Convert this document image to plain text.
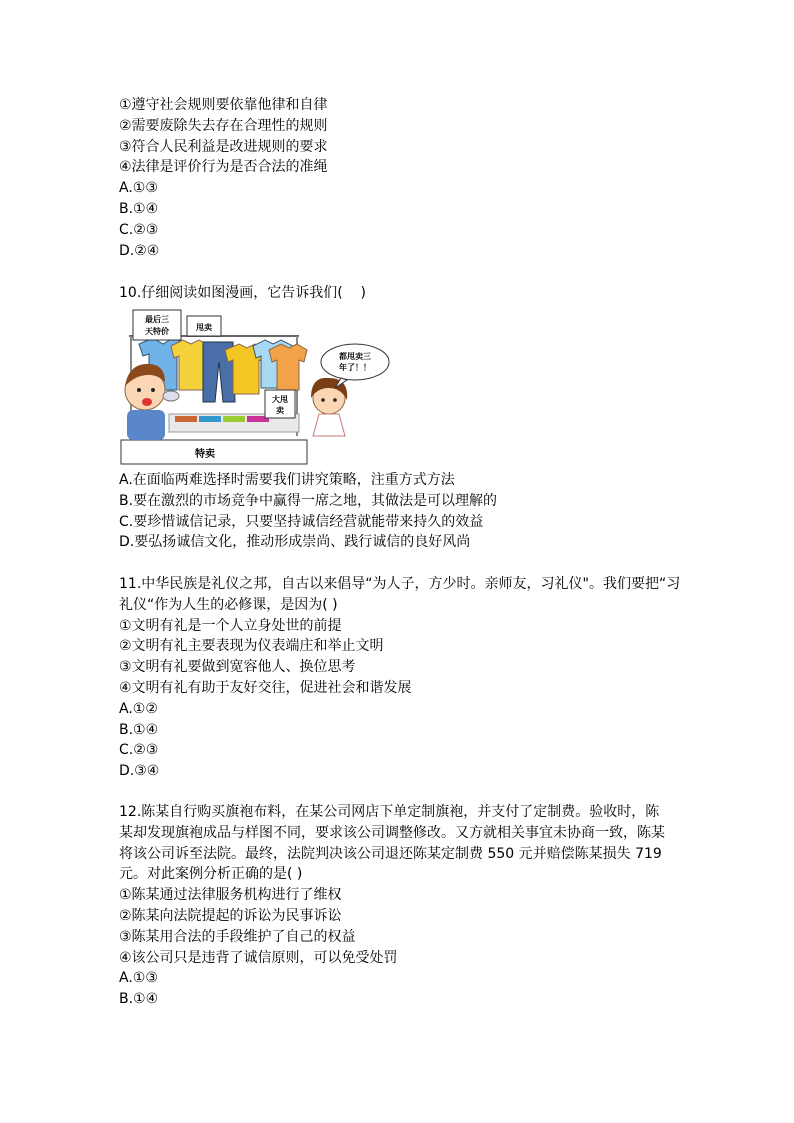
①遵守社会规则要依靠他律和自律
②需要废除失去存在合理性的规则
③符合人民利益是改进规则的要求
④法律是评价行为是否合法的准绳
A.①③
B.①④
C.②③
D.②④
10.仔细阅读如图漫画，它告诉我们(    )
最后三
天特价	甩卖
大甩
卖
特卖
都甩卖三
年了！！
A.在面临两难选择时需要我们讲究策略，注重方式方法
B.要在激烈的市场竞争中赢得一席之地，其做法是可以理解的
C.要珍惜诚信记录，只要坚持诚信经营就能带来持久的效益
D.要弘扬诚信文化，推动形成崇尚、践行诚信的良好风尚
11.中华民族是礼仪之邦，自古以来倡导“为人子，方少时。亲师友，习礼仪"。我们要把“习礼仪“作为人生的必修课，是因为( )
①文明有礼是一个人立身处世的前提
②文明有礼主要表现为仪表端庄和举止文明
③文明有礼要做到宽容他人、换位思考
④文明有礼有助于友好交往，促进社会和谐发展
A.①②
B.①④
C.②③
D.③④
12.陈某自行购买旗袍布料，在某公司网店下单定制旗袍，并支付了定制费。验收时，陈某却发现旗袍成品与样图不同，要求该公司调整修改。又方就相关事宜未协商一致，陈某将该公司诉至法院。最终，法院判决该公司退还陈某定制费 550 元并赔偿陈某损失 719 元。对此案例分析正确的是( )
①陈某通过法律服务机构进行了维权
②陈某向法院提起的诉讼为民事诉讼
③陈某用合法的手段维护了自己的权益
④该公司只是违背了诚信原则，可以免受处罚
A.①③
B.①④
